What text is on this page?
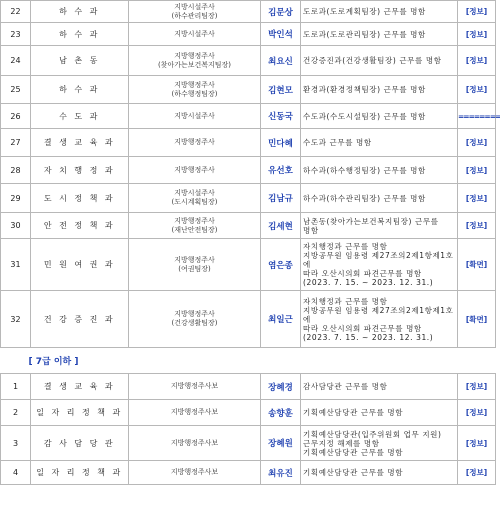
22	하 수 과	지방시설주사
(하수관리팀장)	김문상	도로과(도로계획팀장) 근무를 명함	[정보]
23	하 수 과	지방시설주사	박인석	도로과(도로관리팀장) 근무를 명함	[정보]
24	남 촌 동	지방행정주사
(찾아가는보건복지팀장)	최요신	건강증진과(건강생활팀장) 근무를 명함	[정보]
25	하 수 과	지방행정주사
(하수행정팀장)	김현모	환경과(환경정책팀장) 근무를 명함	[정보]
26	수 도 과	지방시설주사	신동국	수도과(수도시설팀장) 근무를 명함	========
27	결 생 교 육 과	지방행정주사	민다혜	수도과 근무를 명함	[정보]
28	자 치 행 정 과	지방행정주사	유선호	하수과(하수행정팀장) 근무를 명함	[정보]
29	도 시 정 책 과	지방시설주사
(도시계획팀장)	김남규	하수과(하수관리팀장) 근무를 명함	[정보]
30	안 전 정 책 과	지방행정주사
(재난안전팀장)	김세현	남촌동(찾아가는보건복지팀장) 근무를
명함	[정보]
31	민 원 여 권 과	지방행정주사
(여권팀장)	염은종	자치행정과 근무를 명함
지방공무원 임용령 제27조의2제1항제1호에
따라 오산시의회 파견근무를 명함
(2023. 7. 15. ~ 2023. 12. 31.)	[확면]
32	건 강 증 진 과	지방행정주사
(건강생활팀장)	최일근	자치행정과 근무를 명함
지방공무원 임용령 제27조의2제1항제1호에
따라 오산시의회 파견근무를 명함
(2023. 7. 15. ~ 2023. 12. 31.)	[확면]
[ 7급 이하 ]					
1	결 생 교 육 과	지방행정주사보	장혜경	감사담당관 근무를 명함	[정보]
2	일 자 리 정 책 과	지방행정주사보	송향훈	기획예산담당관 근무를 명함	[정보]
3	감 사 담 당 관	지방행정주사보	장혜원	기획예산담당관(입주위원회 업무 지원)
근무지정 해제를 명함
기획예산담당관 근무를 명함	[정보]
4	일 자 리 정 책 과	지방행정주사보	최유진	기획예산담당관 근무를 명함	[정보]
